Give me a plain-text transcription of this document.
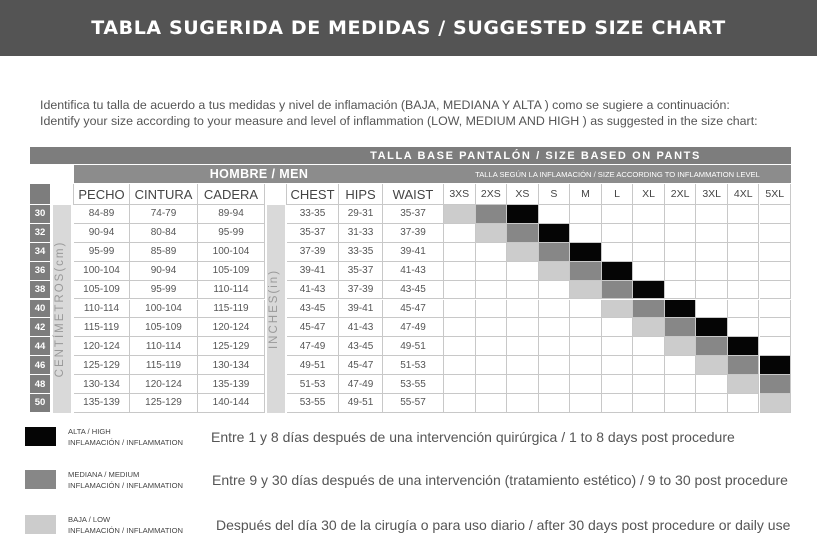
TABLA SUGERIDA DE MEDIDAS / SUGGESTED SIZE CHART
Identifica tu talla de acuerdo a tus medidas y nivel de inflamación (BAJA, MEDIANA Y ALTA ) como se sugiere a continuación:
Identify your size according to your measure and level of inflammation (LOW, MEDIUM AND HIGH ) as suggested in the size chart:
TALLA BASE PANTALÓN / SIZE BASED ON PANTS
HOMBRE / MEN	TALLA SEGÚN LA INFLAMACIÓN / SIZE ACCORDING TO INFLAMMATION LEVEL
PECHO CINTURA CADERA	CHEST HIPS	WAIST	3XS	2XS	XS	S	M	L	XL	2XL	3XL	4XL	5XL
CENTÍMETROS(cm)	INCHES(in)
30	84-89	74-79	89-94	33-35	29-31	35-37
32	90-94	80-84	95-99	35-37	31-33	37-39
34	95-99	85-89	100-104	37-39	33-35	39-41
36	100-104	90-94	105-109	39-41	35-37	41-43
38	105-109	95-99	110-114	41-43	37-39	43-45
40	110-114	100-104	115-119	43-45	39-41	45-47
42	115-119	105-109	120-124	45-47	41-43	47-49
44	120-124	110-114	125-129	47-49	43-45	49-51
46	125-129	115-119	130-134	49-51	45-47	51-53
48	130-134	120-124	135-139	51-53	47-49	53-55
50	135-139	125-129	140-144	53-55	49-51	55-57
ALTA / HIGH
INFLAMACIÓN / INFLAMMATION Entre 1 y 8 días después de una intervención quirúrgica / 1 to 8 days post procedure
MEDIANA / MEDIUM
INFLAMACIÓN / INFLAMMATION Entre 9 y 30 días después de una intervención (tratamiento estético) / 9 to 30 post procedure
BAJA / LOW
INFLAMACIÓN / INFLAMMATION Después del día 30 de la cirugía o para uso diario / after 30 days post procedure or daily use
